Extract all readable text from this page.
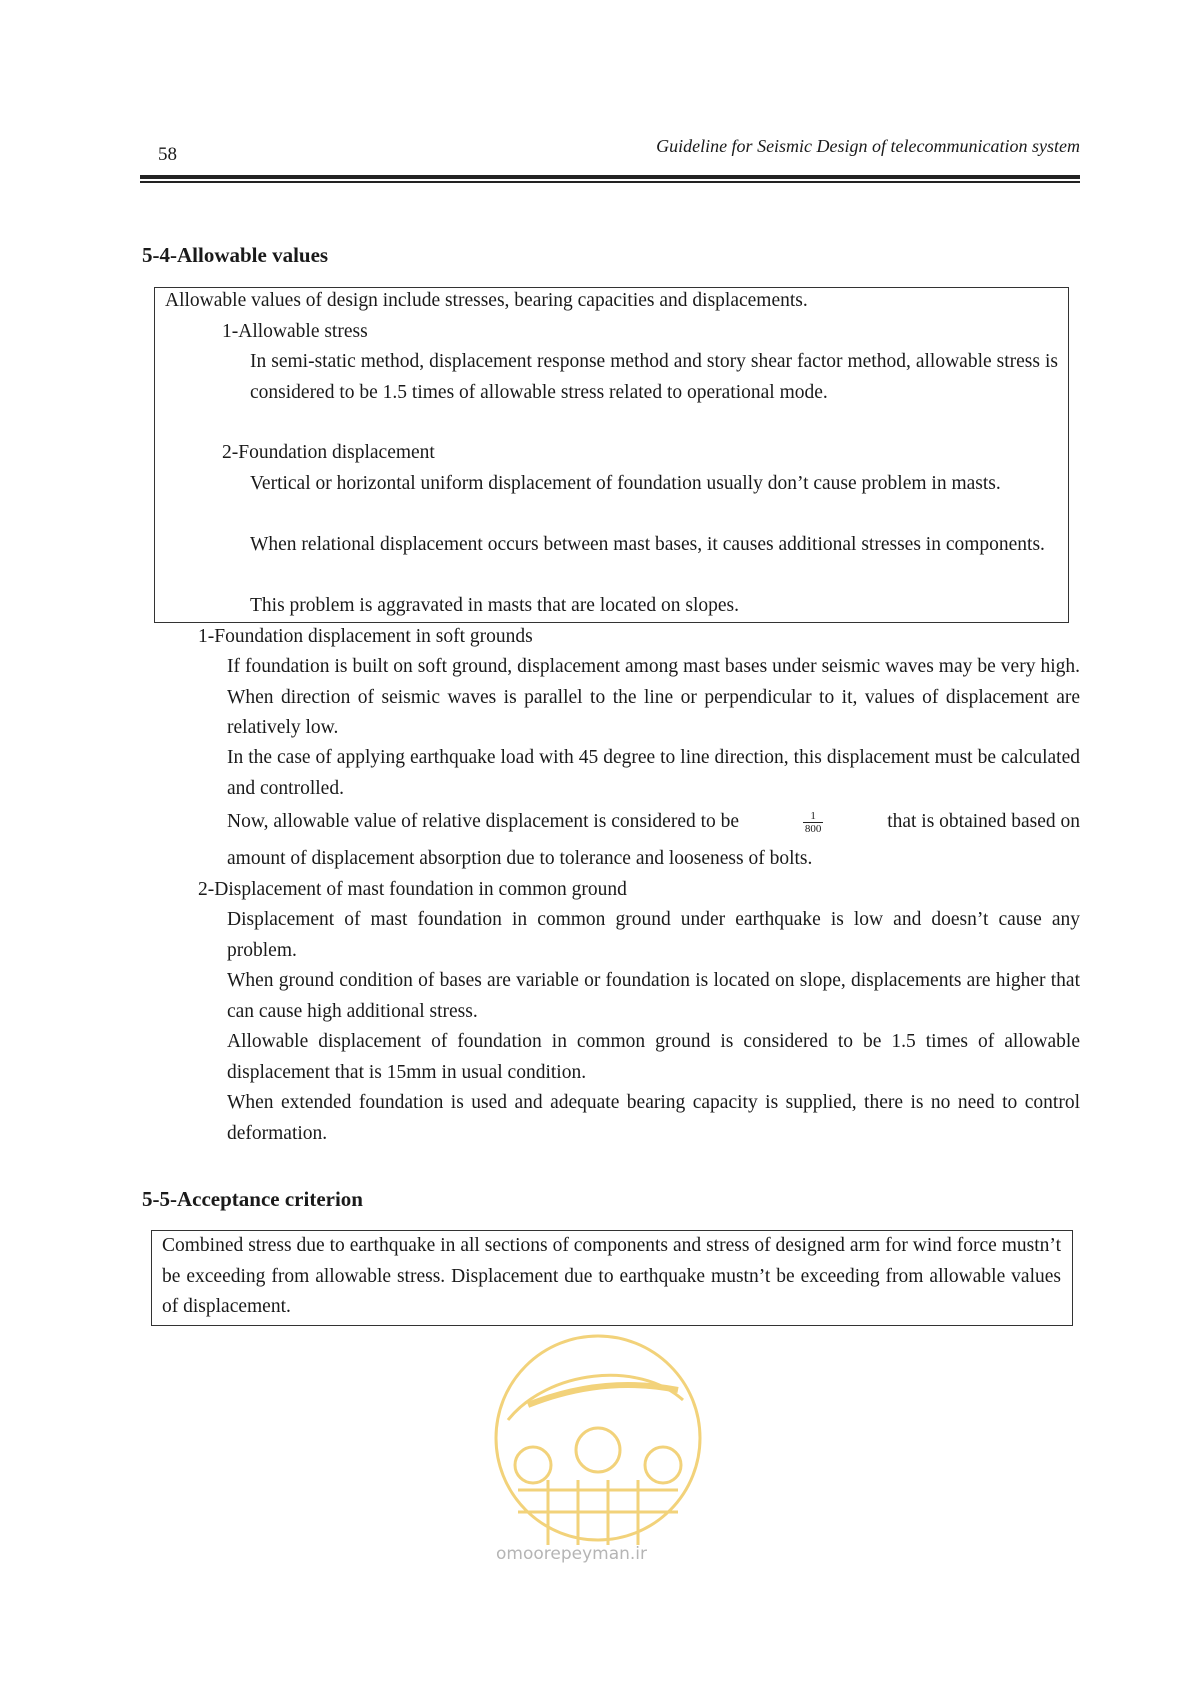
58	Guideline for Seismic Design of telecommunication system
5-4-Allowable values

Allowable values of design include stresses, bearing capacities and displacements.

1-Allowable stress

In semi-static method, displacement response method and story shear factor method, allowable stress is considered to be 1.5 times of allowable stress related to operational mode.

2-Foundation displacement

Vertical or horizontal uniform displacement of foundation usually don’t cause problem in masts.

When relational displacement occurs between mast bases, it causes additional stresses in components.

This problem is aggravated in masts that are located on slopes.

1-Foundation displacement in soft grounds

If foundation is built on soft ground, displacement among mast bases under seismic waves may be very high. When direction of seismic waves is parallel to the line or perpendicular to it, values of displacement are relatively low.

In the case of applying earthquake load with 45 degree to line direction, this displacement must be calculated and controlled.

Now, allowable value of relative displacement is considered to be	$\frac{1}{800}$	that is obtained based on

amount of displacement absorption due to tolerance and looseness of bolts.

2-Displacement of mast foundation in common ground

Displacement of mast foundation in common ground under earthquake is low and doesn’t cause any problem.

When ground condition of bases are variable or foundation is located on slope, displacements are higher that can cause high additional stress.

Allowable displacement of foundation in common ground is considered to be 1.5 times of allowable displacement that is 15mm in usual condition.

When extended foundation is used and adequate bearing capacity is supplied, there is no need to control deformation.

5-5-Acceptance criterion

Combined stress due to earthquake in all sections of components and stress of designed arm for wind force mustn’t be exceeding from allowable stress. Displacement due to earthquake mustn’t be exceeding from allowable values of displacement.

omoorepeyman.ir
